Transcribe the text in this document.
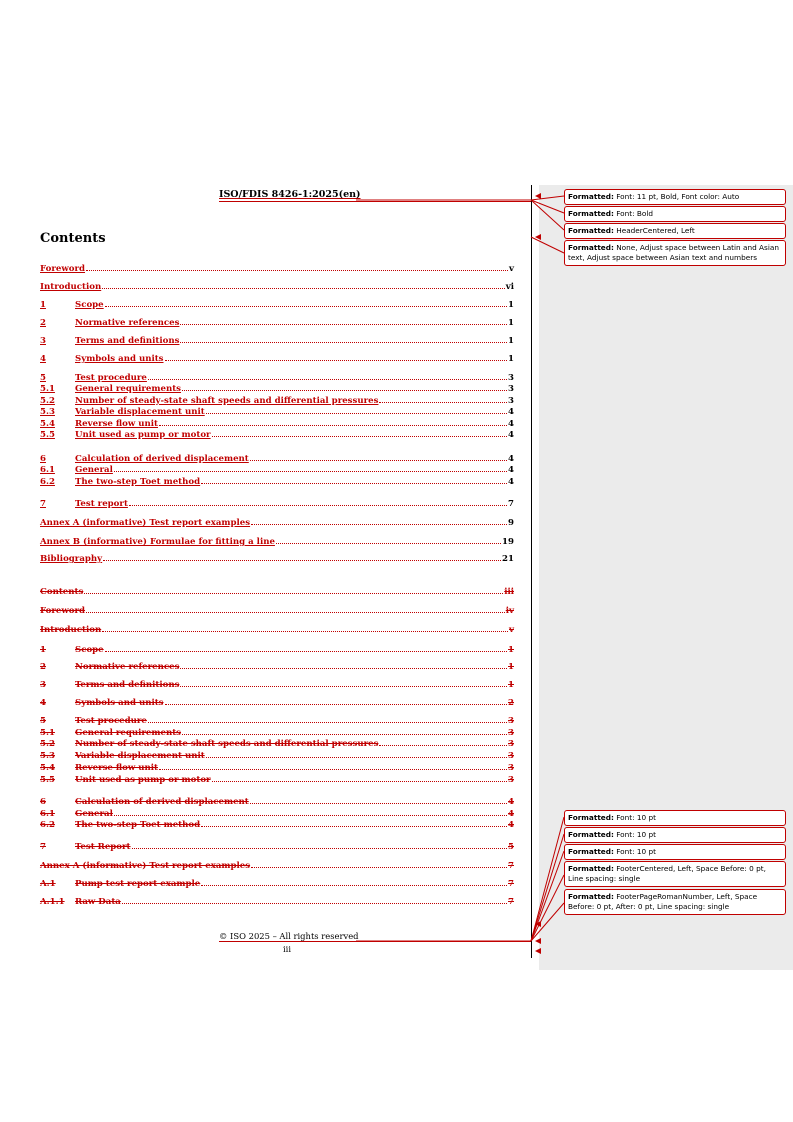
ISO/FDIS 8426-1:2025(en)
Contents
Foreword	v
Introduction	vi
1	Scope	1
2	Normative references	1
3	Terms and definitions	1
4	Symbols and units	1
5	Test procedure	3
5.1	General requirements	3
5.2	Number of steady-state shaft speeds and differential pressures	3
5.3	Variable displacement unit	4
5.4	Reverse flow unit	4
5.5	Unit used as pump or motor	4
6	Calculation of derived displacement	4
6.1	General	4
6.2	The two-step Toet method	4
7	Test report	7
Annex A (informative) Test report examples	9
Annex B (informative) Formulae for fitting a line	19
Bibliography	21
Contents	iii
Foreword	iv
Introduction	v
1	Scope	1
2	Normative references	1
3	Terms and definitions	1
4	Symbols and units	2
5	Test procedure	3
5.1	General requirements	3
5.2	Number of steady-state shaft speeds and differential pressures	3
5.3	Variable displacement unit	3
5.4	Reverse flow unit	3
5.5	Unit used as pump or motor	3
6	Calculation of derived displacement	4
6.1	General	4
6.2	The two-step Toet method	4
7	Test Report	5
Annex A (informative) Test report examples	7
A.1	Pump test report example	7
A.1.1	Raw Data	7
© ISO 2025 – All rights reserved
iii
Formatted: Font: 11 pt, Bold, Font color: Auto
Formatted: Font: Bold
Formatted: HeaderCentered, Left
Formatted: None, Adjust space between Latin and Asian text, Adjust space between Asian text and numbers
Formatted: Font: 10 pt
Formatted: Font: 10 pt
Formatted: Font: 10 pt
Formatted: FooterCentered, Left, Space Before: 0 pt, Line spacing: single
Formatted: FooterPageRomanNumber, Left, Space Before: 0 pt, After: 0 pt, Line spacing: single
